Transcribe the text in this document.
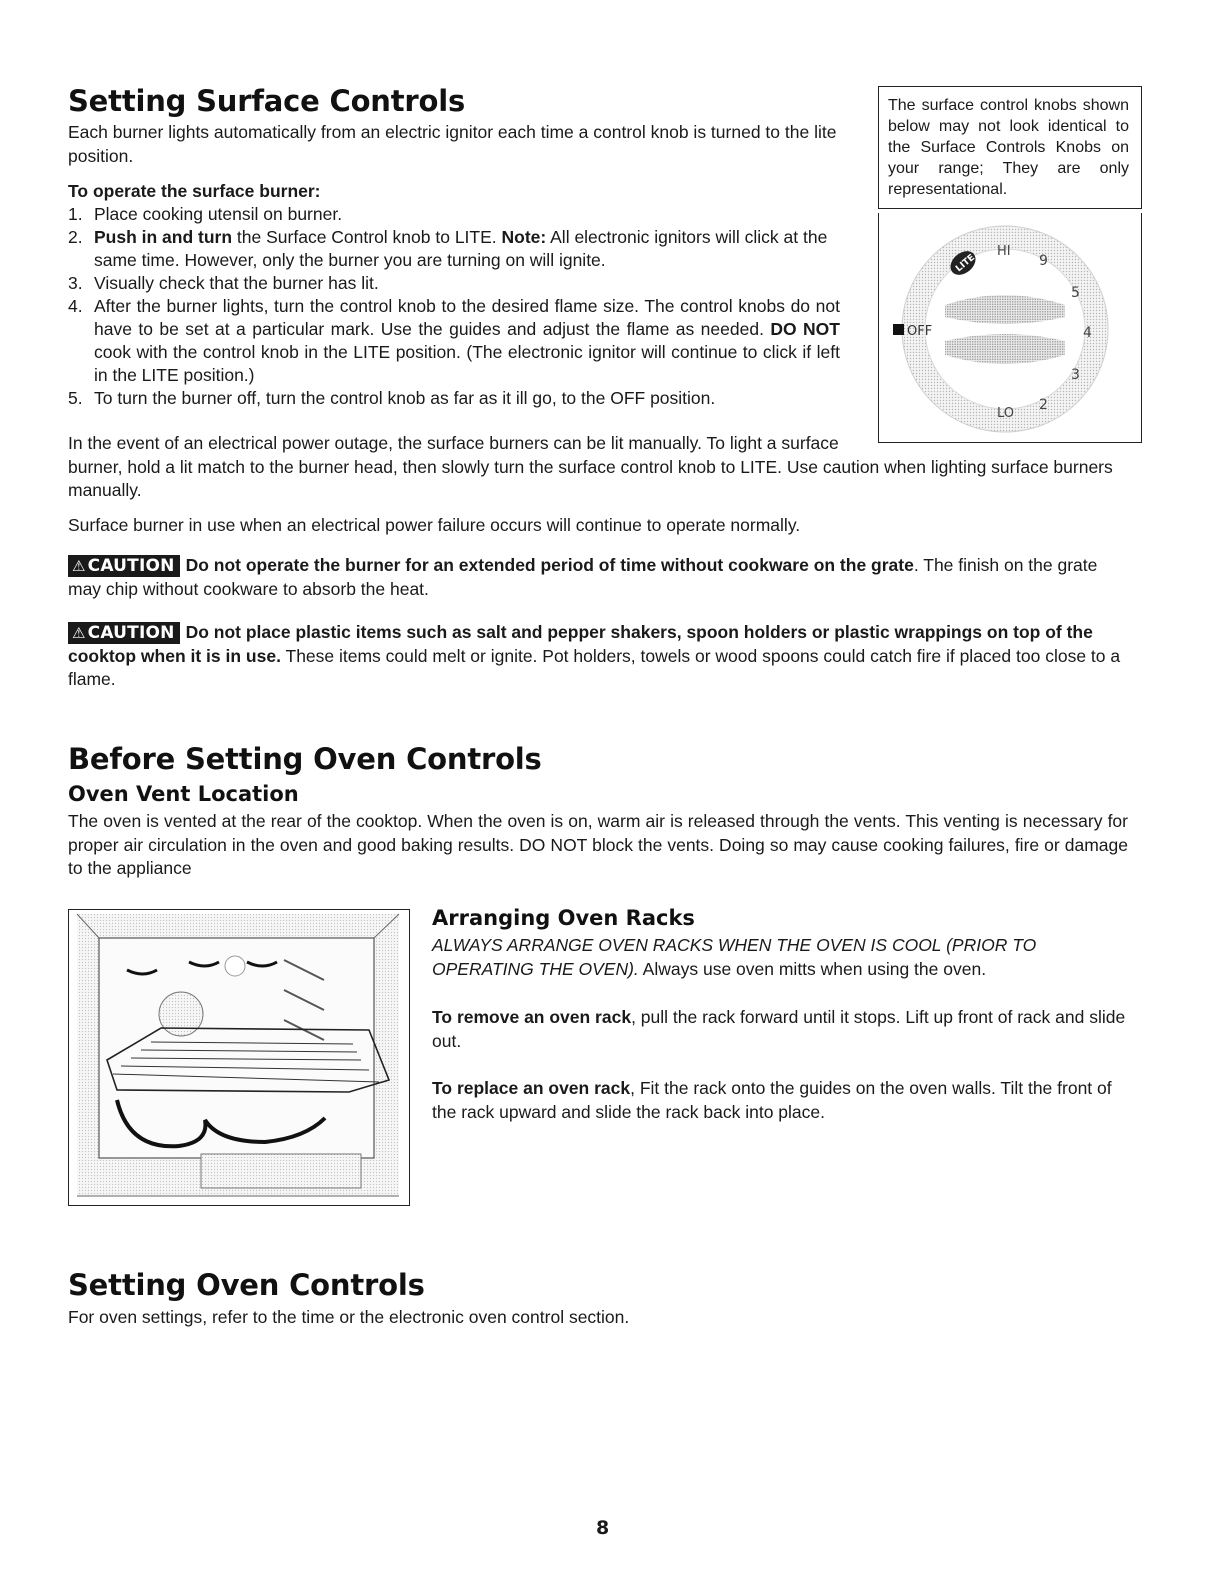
Setting Surface Controls

Each burner lights automatically from an electric ignitor each time a control knob is turned to the lite position.

To operate the surface burner:

1. Place cooking utensil on burner.
2. Push in and turn the Surface Control knob to LITE. Note: All electronic ignitors will click at the same time. However, only the burner you are turning on will ignite.
3. Visually check that the burner has lit.
4. After the burner lights, turn the control knob to the desired flame size. The control knobs do not have to be set at a particular mark. Use the guides and adjust the flame as needed. DO NOT cook with the control knob in the LITE position. (The electronic ignitor will continue to click if left in the LITE position.)
5. To turn the burner off, turn the control knob as far as it ill go, to the OFF position.
The surface control knobs shown below may not look identical to the Surface Controls Knobs on your range; They are only representational.
OFF
LITE
HI
9
5
4
3
2
LO

In the event of an electrical power outage, the surface burners can be lit manually. To light a surface burner, hold a lit match to the burner head, then slowly turn the surface control knob to LITE. Use caution when lighting surface burners manually.

Surface burner in use when an electrical power failure occurs will continue to operate normally.

⚠ CAUTION Do not operate the burner for an extended period of time without cookware on the grate. The finish on the grate may chip without cookware to absorb the heat.

⚠ CAUTION Do not place plastic items such as salt and pepper shakers, spoon holders or plastic wrappings on top of the cooktop when it is in use. These items could melt or ignite. Pot holders, towels or wood spoons could catch fire if placed too close to a flame.

Before Setting Oven Controls
Oven Vent Location

The oven is vented at the rear of the cooktop. When the oven is on, warm air is released through the vents. This venting is necessary for proper air circulation in the oven and good baking results. DO NOT block the vents. Doing so may cause cooking failures, fire or damage to the appliance

Arranging Oven Racks

ALWAYS ARRANGE OVEN RACKS WHEN THE OVEN IS COOL (PRIOR TO OPERATING THE OVEN). Always use oven mitts when using the oven.

To remove an oven rack, pull the rack forward until it stops. Lift up front of rack and slide out.

To replace an oven rack, Fit the rack onto the guides on the oven walls. Tilt the front of the rack upward and slide the rack back into place.

Setting Oven Controls

For oven settings, refer to the time or the electronic oven control section.

8
